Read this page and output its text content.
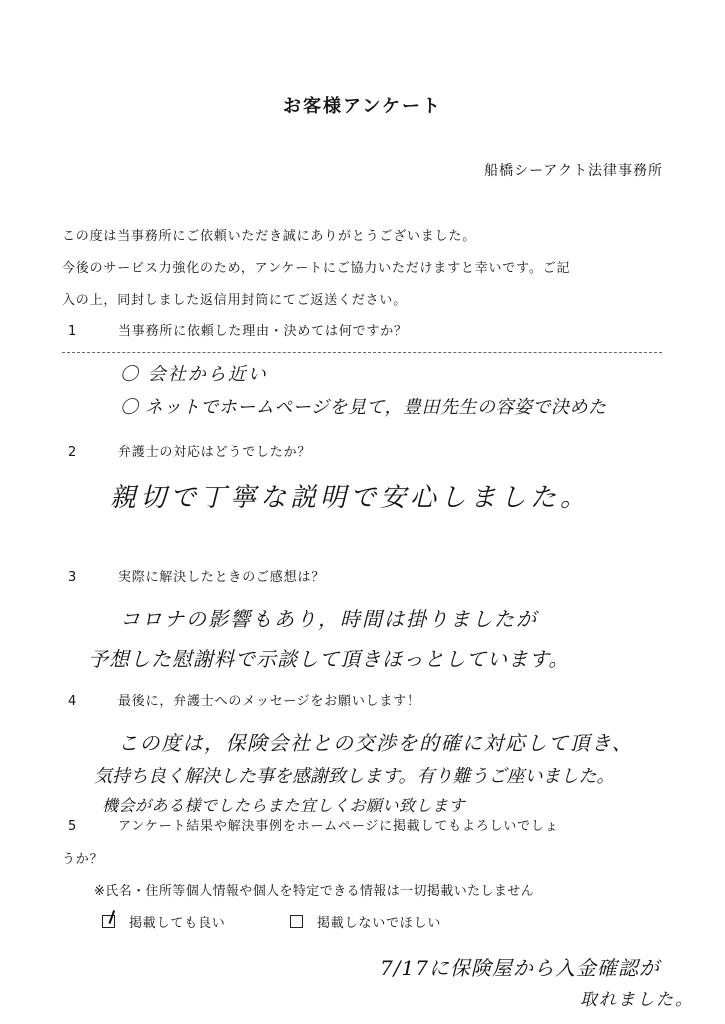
お客様アンケート
船橋シーアクト法律事務所
この度は当事務所にご依頼いただき誠にありがとうございました。
今後のサービス力強化のため，アンケートにご協力いただけますと幸いです。ご記
入の上，同封しました返信用封筒にてご返送ください。
1	当事務所に依頼した理由・決めては何ですか？
〇 会社から近い
〇 ネットでホームページを見て，豊田先生の容姿で決めた
2	弁護士の対応はどうでしたか？
親切で丁寧な説明で安心しました。
3	実際に解決したときのご感想は？
コロナの影響もあり，時間は掛りましたが
予想した慰謝料で示談して頂きほっとしています。
4	最後に，弁護士へのメッセージをお願いします！
この度は，保険会社との交渉を的確に対応して頂き、
気持ち良く解決した事を感謝致します。有り難うご座いました。
機会がある様でしたらまた宜しくお願い致します
5	アンケート結果や解決事例をホームページに掲載してもよろしいでしょ
うか？
※氏名・住所等個人情報や個人を特定できる情報は一切掲載いたしません
掲載しても良い	掲載しないでほしい
7/17に保険屋から入金確認が
取れました。
